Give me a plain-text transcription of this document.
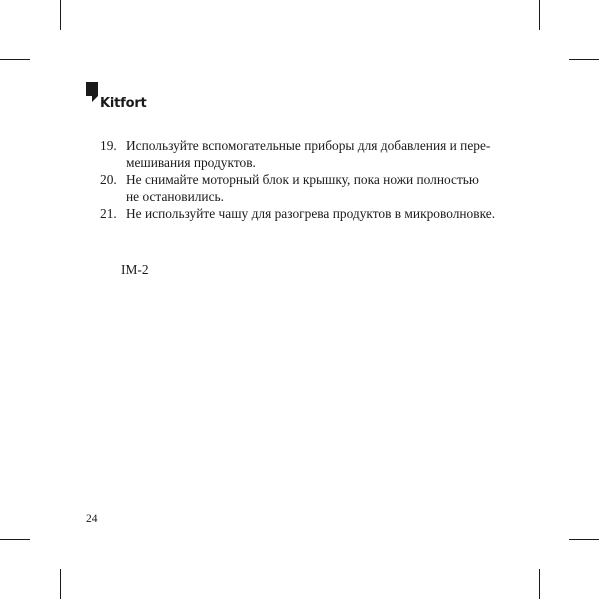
Kitfort
19. Используйте вспомогательные приборы для добавления и пере-
мешивания продуктов.
20. Не снимайте моторный блок и крышку, пока ножи полностью
не остановились.
21. Не используйте чашу для разогрева продуктов в микроволновке.
IM-2
24
